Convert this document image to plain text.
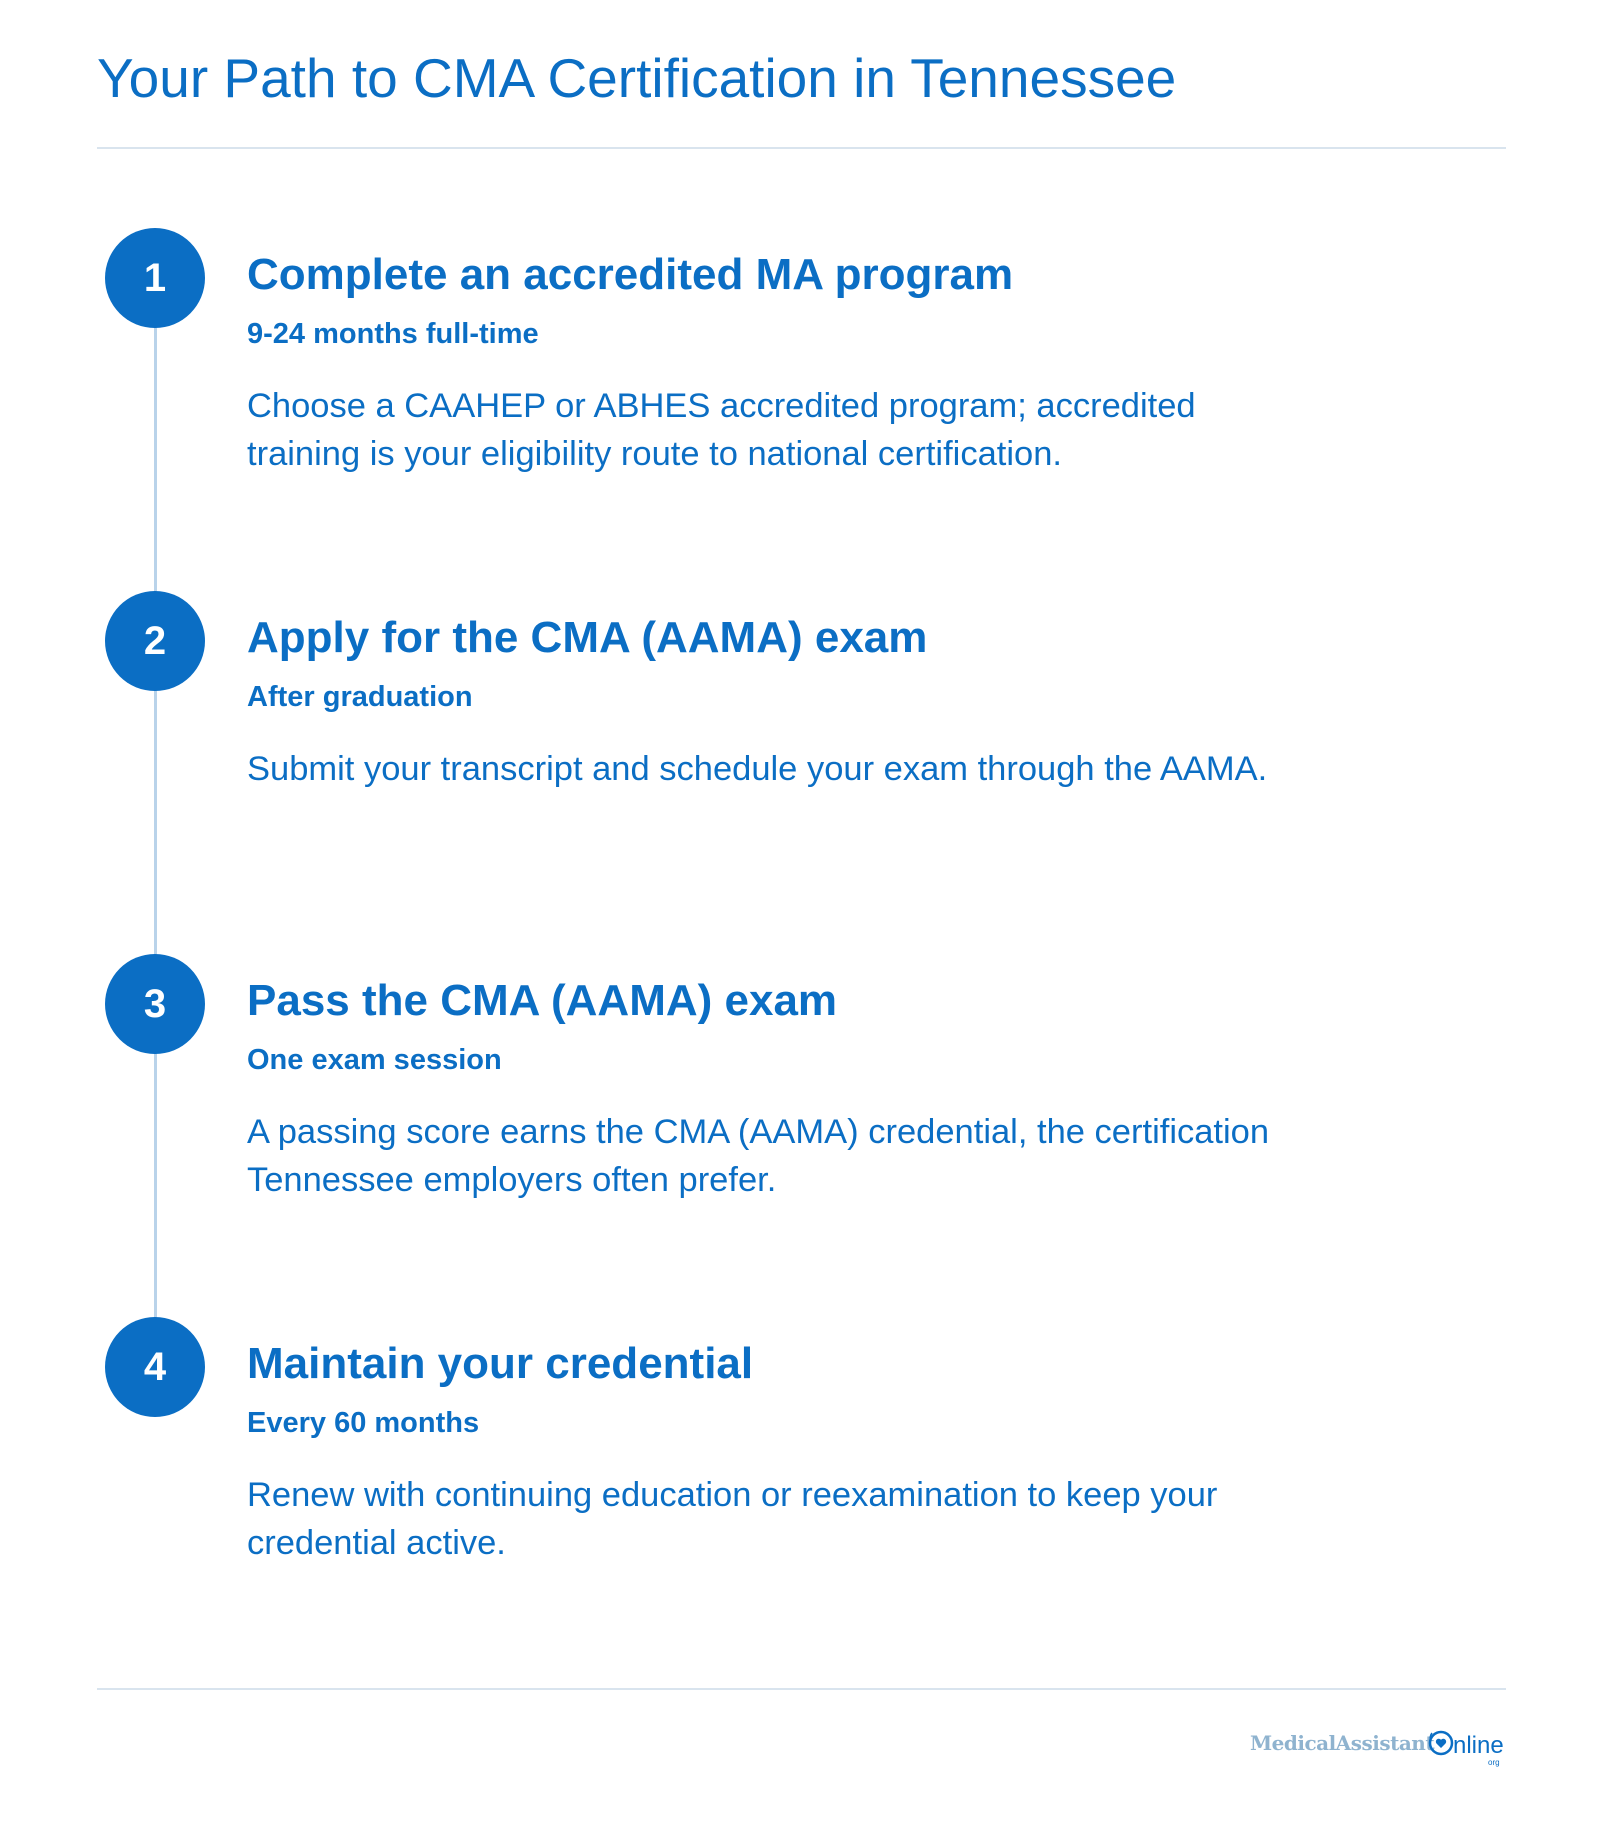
Your Path to CMA Certification in Tennessee
1	Complete an accredited MA program
9-24 months full-time

Choose a CAAHEP or ABHES accredited program; accredited training is your eligibility route to national certification.

2	Apply for the CMA (AAMA) exam
After graduation

Submit your transcript and schedule your exam through the AAMA.

3	Pass the CMA (AAMA) exam
One exam session

A passing score earns the CMA (AAMA) credential, the certification Tennessee employers often prefer.

4	Maintain your credential
Every 60 months

Renew with continuing education or reexamination to keep your credential active.

MedicalAssistant nline
org
